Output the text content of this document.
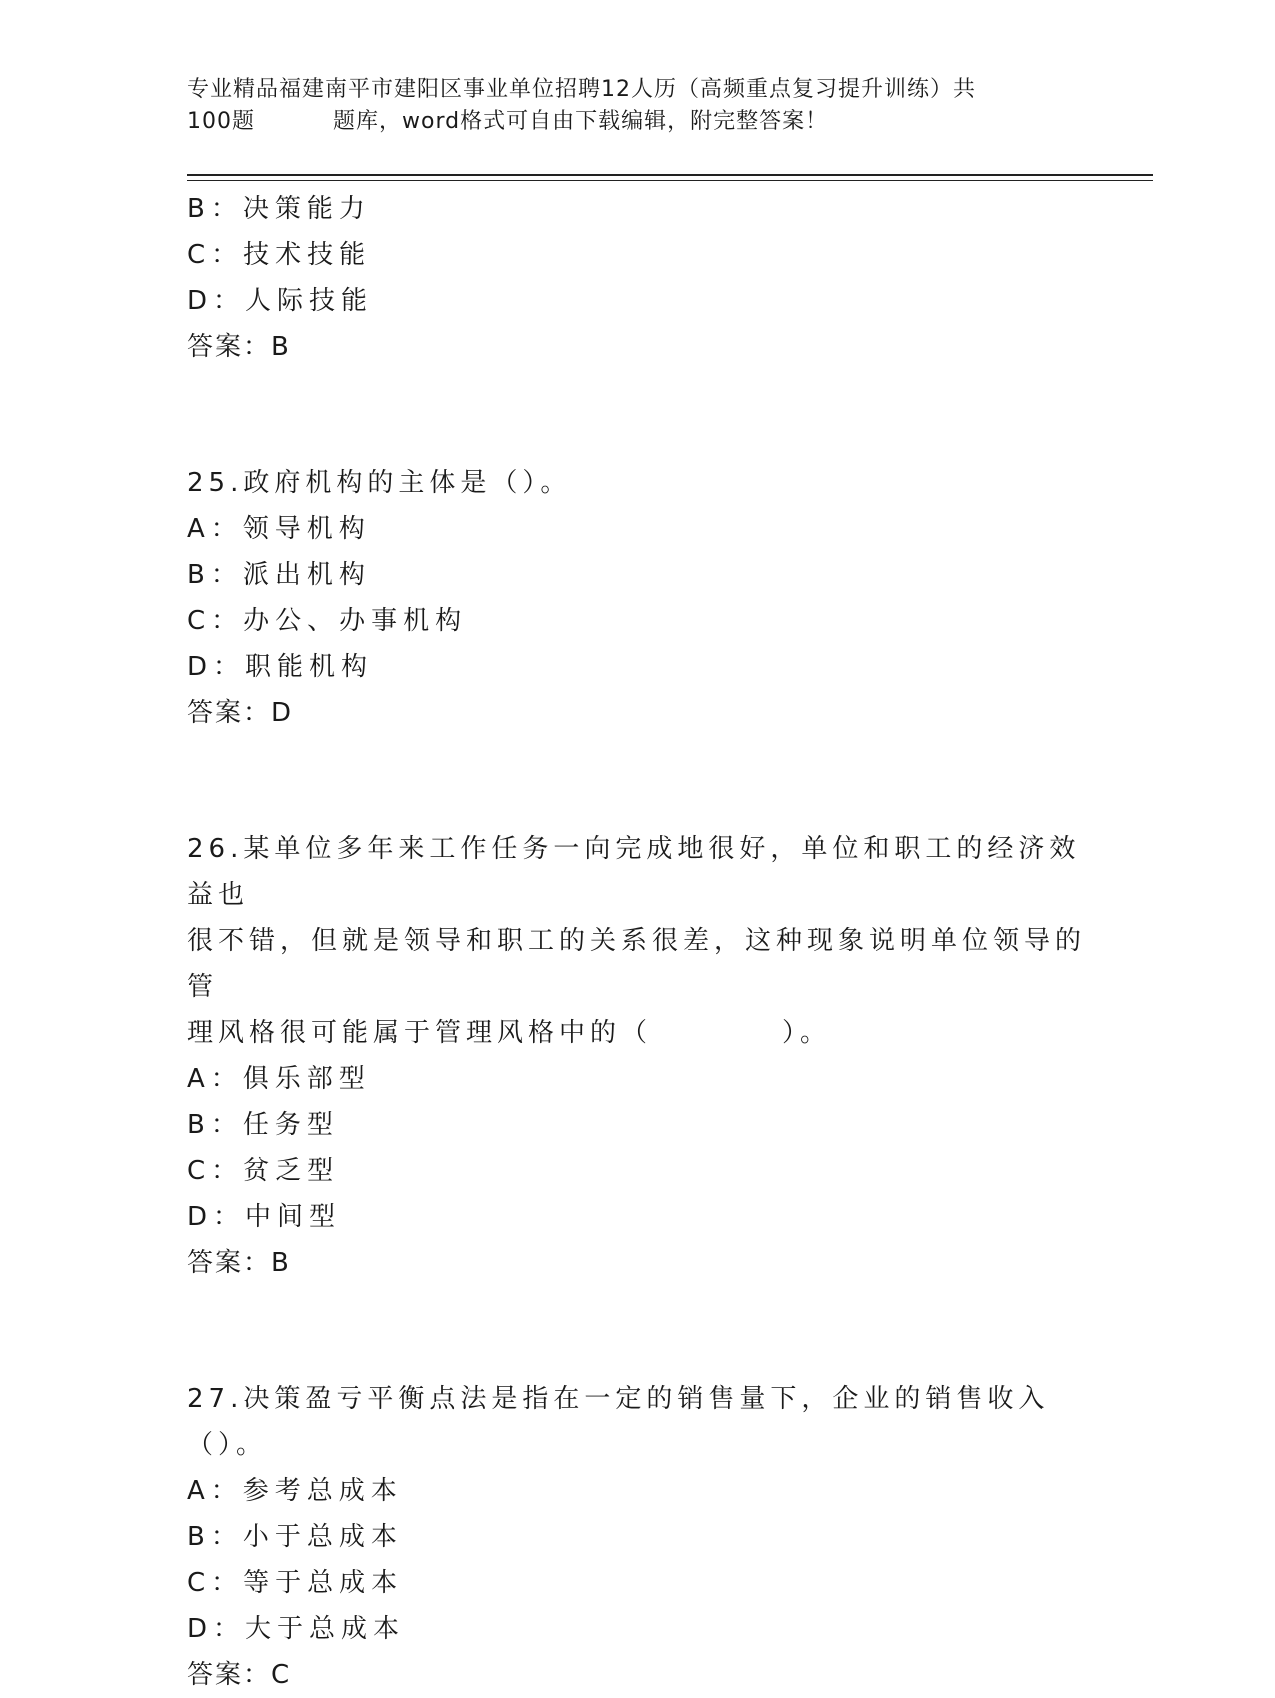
专业精品福建南平市建阳区事业单位招聘12人历（高频重点复习提升训练）共
100题	题库，word格式可自由下载编辑，附完整答案！
B：决策能力
C：技术技能
D：人际技能
答案：B
25.政府机构的主体是（）。
A：领导机构
B：派出机构
C：办公、办事机构
D：职能机构
答案：D
26.某单位多年来工作任务一向完成地很好，单位和职工的经济效益也
很不错，但就是领导和职工的关系很差，这种现象说明单位领导的管
理风格很可能属于管理风格中的（	）。
A：俱乐部型
B：任务型
C：贫乏型
D：中间型
答案：B
27.决策盈亏平衡点法是指在一定的销售量下，企业的销售收入（）。
A：参考总成本
B：小于总成本
C：等于总成本
D：大于总成本
答案：C
